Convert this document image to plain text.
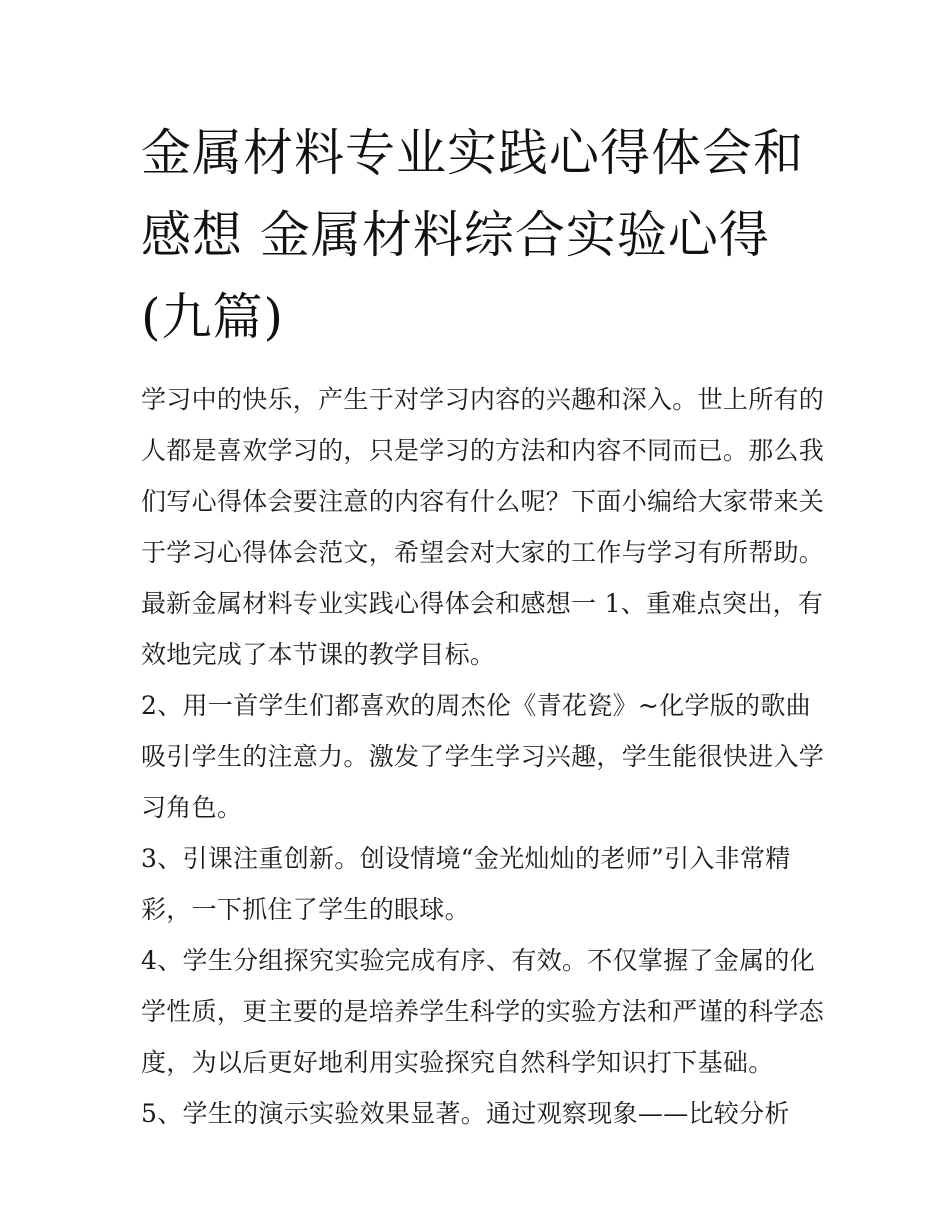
金属材料专业实践心得体会和
感想 金属材料综合实验心得
(九篇)

学习中的快乐，产生于对学习内容的兴趣和深入。世上所有的
人都是喜欢学习的，只是学习的方法和内容不同而已。那么我
们写心得体会要注意的内容有什么呢？下面小编给大家带来关
于学习心得体会范文，希望会对大家的工作与学习有所帮助。
最新金属材料专业实践心得体会和感想一 1、重难点突出，有
效地完成了本节课的教学目标。

2、用一首学生们都喜欢的周杰伦《青花瓷》~化学版的歌曲
吸引学生的注意力。激发了学生学习兴趣，学生能很快进入学
习角色。

3、引课注重创新。创设情境“金光灿灿的老师”引入非常精
彩，一下抓住了学生的眼球。

4、学生分组探究实验完成有序、有效。不仅掌握了金属的化
学性质，更主要的是培养学生科学的实验方法和严谨的科学态
度，为以后更好地利用实验探究自然科学知识打下基础。

5、学生的演示实验效果显著。通过观察现象——比较分析
